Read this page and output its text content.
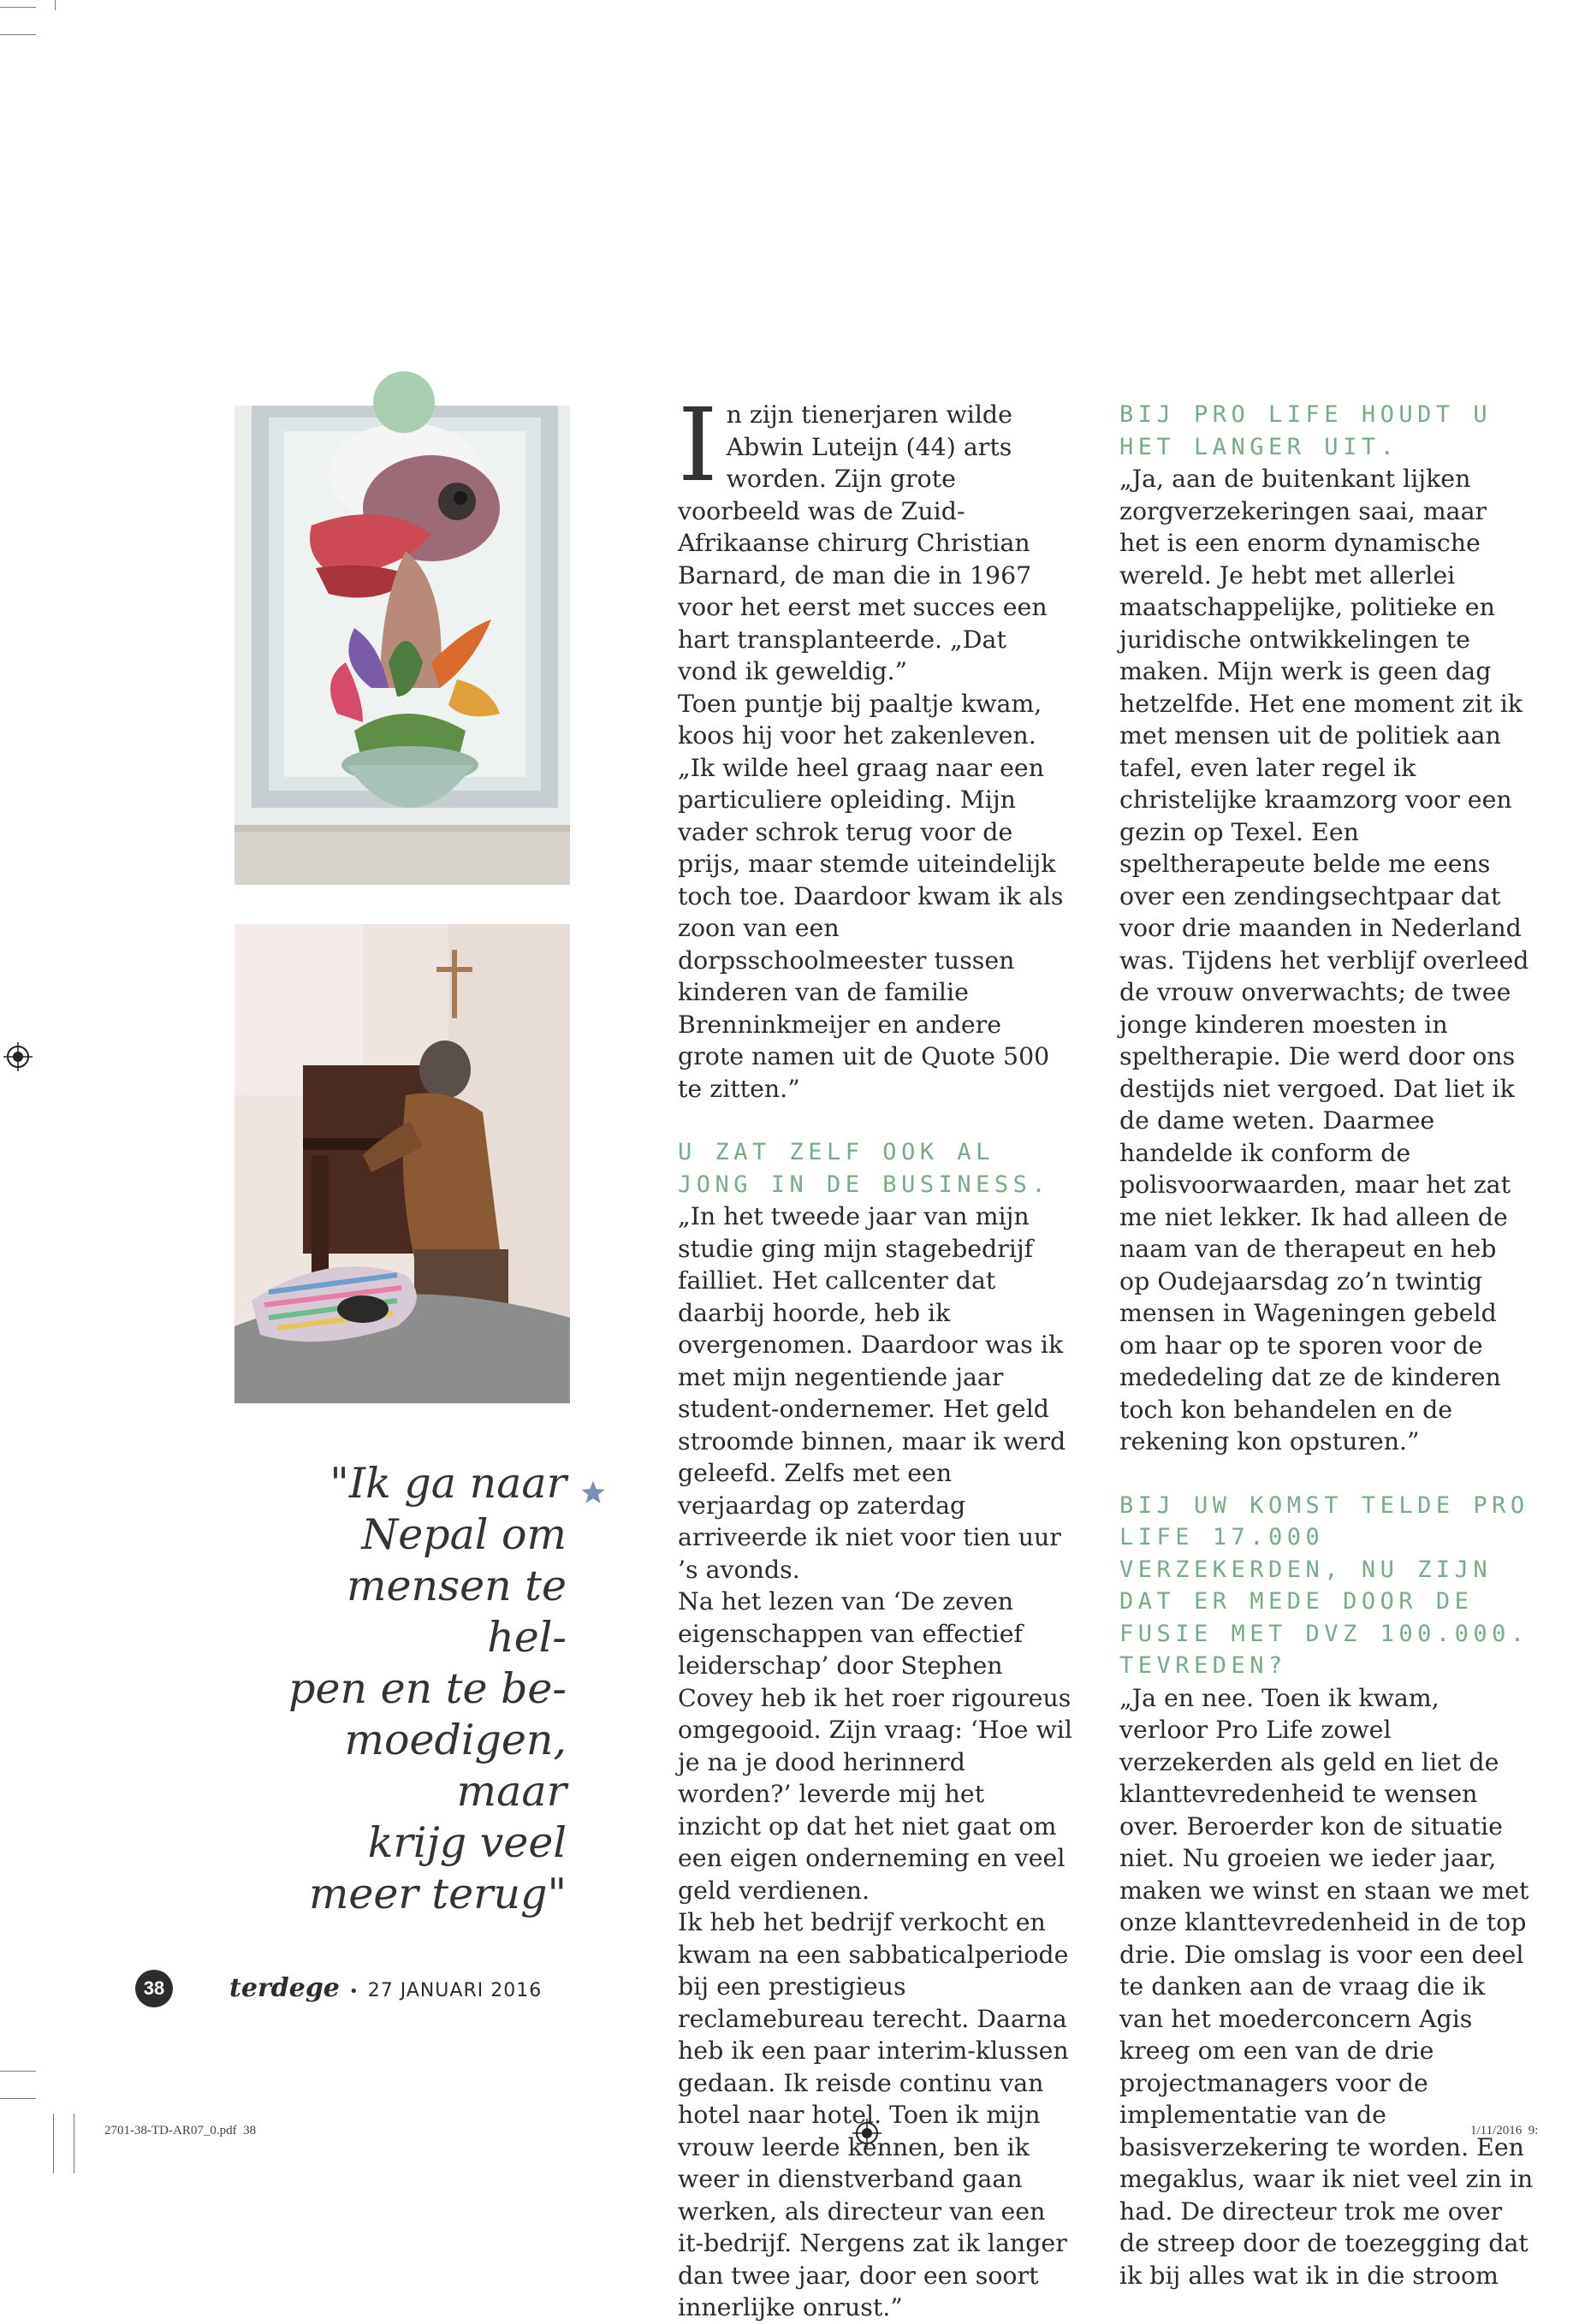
"Ik ga naar
Nepal om
mensen te hel-
pen en te be-
moedigen, maar
krijg veel
meer terug"

In zijn tienerjaren wilde Abwin Luteijn (44) arts worden. Zijn grote voorbeeld was de Zuid-Afrikaanse chirurg Christian Barnard, de man die in 1967 voor het eerst met succes een hart transplanteerde. „Dat vond ik geweldig.”

Toen puntje bij paaltje kwam, koos hij voor het zakenleven. „Ik wilde heel graag naar een particuliere opleiding. Mijn vader schrok terug voor de prijs, maar stemde uiteindelijk toch toe. Daardoor kwam ik als zoon van een dorpsschoolmeester tussen kinderen van de familie Brenninkmeijer en andere grote namen uit de Quote 500 te zitten.”

U ZAT ZELF OOK AL JONG IN DE BUSINESS.

„In het tweede jaar van mijn studie ging mijn stagebedrijf failliet. Het callcenter dat daarbij hoorde, heb ik overgenomen. Daardoor was ik met mijn negentiende jaar student-ondernemer. Het geld stroomde binnen, maar ik werd geleefd. Zelfs met een verjaardag op zaterdag arriveerde ik niet voor tien uur ’s avonds.

Na het lezen van ‘De zeven eigenschappen van effectief leiderschap’ door Stephen Covey heb ik het roer rigoureus omgegooid. Zijn vraag: ‘Hoe wil je na je dood herinnerd worden?’ leverde mij het inzicht op dat het niet gaat om een eigen onderneming en veel geld verdienen.

Ik heb het bedrijf verkocht en kwam na een sabbaticalperiode bij een prestigieus reclamebureau terecht. Daarna heb ik een paar interim-klussen gedaan. Ik reisde continu van hotel naar hotel. Toen ik mijn vrouw leerde kennen, ben ik weer in dienstverband gaan werken, als directeur van een it-bedrijf. Nergens zat ik langer dan twee jaar, door een soort innerlijke onrust.”

BIJ PRO LIFE HOUDT U HET LANGER UIT.

„Ja, aan de buitenkant lijken zorgverzekeringen saai, maar het is een enorm dynamische wereld. Je hebt met allerlei maatschappelijke, politieke en juridische ontwikkelingen te maken. Mijn werk is geen dag hetzelfde. Het ene moment zit ik met mensen uit de politiek aan tafel, even later regel ik christelijke kraamzorg voor een gezin op Texel. Een speltherapeute belde me eens over een zendingsechtpaar dat voor drie maanden in Nederland was. Tijdens het verblijf overleed de vrouw onverwachts; de twee jonge kinderen moesten in speltherapie. Die werd door ons destijds niet vergoed. Dat liet ik de dame weten. Daarmee handelde ik conform de polisvoorwaarden, maar het zat me niet lekker. Ik had alleen de naam van de therapeut en heb op Oudejaarsdag zo’n twintig mensen in Wageningen gebeld om haar op te sporen voor de mededeling dat ze de kinderen toch kon behandelen en de rekening kon opsturen.”

BIJ UW KOMST TELDE PRO LIFE 17.000 VERZEKERDEN, NU ZIJN DAT ER MEDE DOOR DE FUSIE MET DVZ 100.000. TEVREDEN?

„Ja en nee. Toen ik kwam, verloor Pro Life zowel verzekerden als geld en liet de klanttevredenheid te wensen over. Beroerder kon de situatie niet. Nu groeien we ieder jaar, maken we winst en staan we met onze klanttevredenheid in de top drie. Die omslag is voor een deel te danken aan de vraag die ik van het moederconcern Agis kreeg om een van de drie projectmanagers voor de implementatie van de basisverzekering te worden. Een megaklus, waar ik niet veel zin in had. De directeur trok me over de streep door de toezegging dat ik bij alles wat ik in die stroom

38	terdege • 27 JANUARI 2016
2701-38-TD-AR07_0.pdf  38	1/11/2016  9:
